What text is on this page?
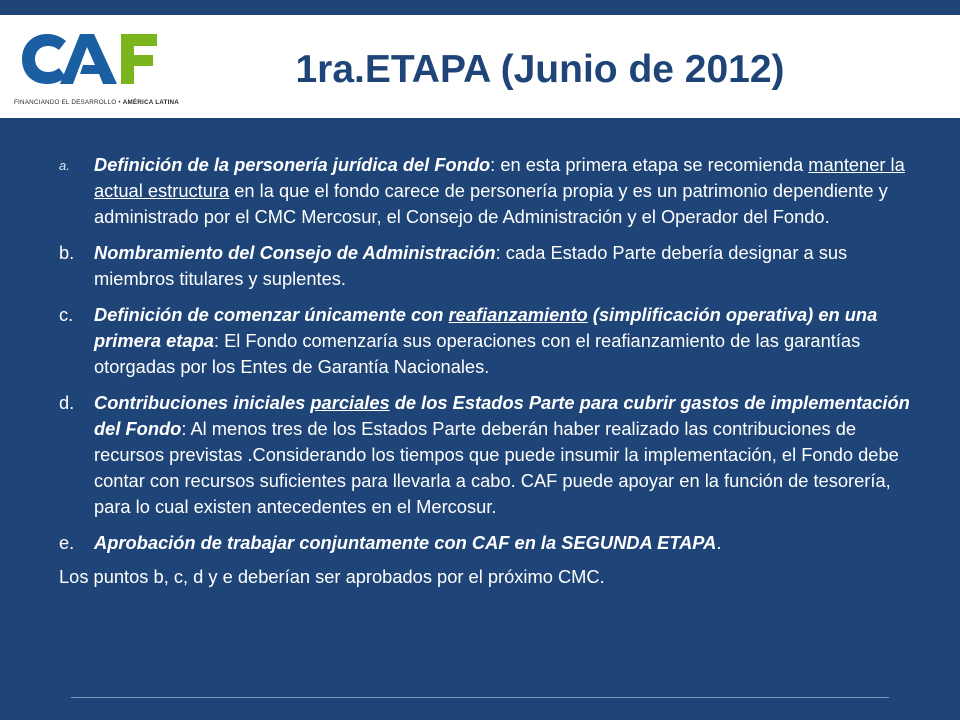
FINANCIANDO EL DESARROLLO • AMÉRICA LATINA
1ra.ETAPA (Junio de 2012)
a. Definición de la personería jurídica del Fondo: en esta primera etapa se recomienda mantener la actual estructura en la que el fondo carece de personería propia y es un patrimonio dependiente y administrado por el CMC Mercosur, el Consejo de Administración y el Operador del Fondo.
b. Nombramiento del Consejo de Administración: cada Estado Parte debería designar a sus miembros titulares y suplentes.
c. Definición de comenzar únicamente con reafianzamiento (simplificación operativa) en una primera etapa: El Fondo comenzaría sus operaciones con el reafianzamiento de las garantías otorgadas por los Entes de Garantía Nacionales.
d. Contribuciones iniciales parciales de los Estados Parte para cubrir gastos de implementación del Fondo: Al menos tres de los Estados Parte deberán haber realizado las contribuciones de recursos previstas .Considerando los tiempos que puede insumir la implementación, el Fondo debe contar con recursos suficientes para llevarla a cabo. CAF puede apoyar en la función de tesorería, para lo cual existen antecedentes en el Mercosur.
e. Aprobación de trabajar conjuntamente con CAF en la SEGUNDA ETAPA.
Los puntos b, c, d y e deberían ser aprobados por el próximo CMC.
